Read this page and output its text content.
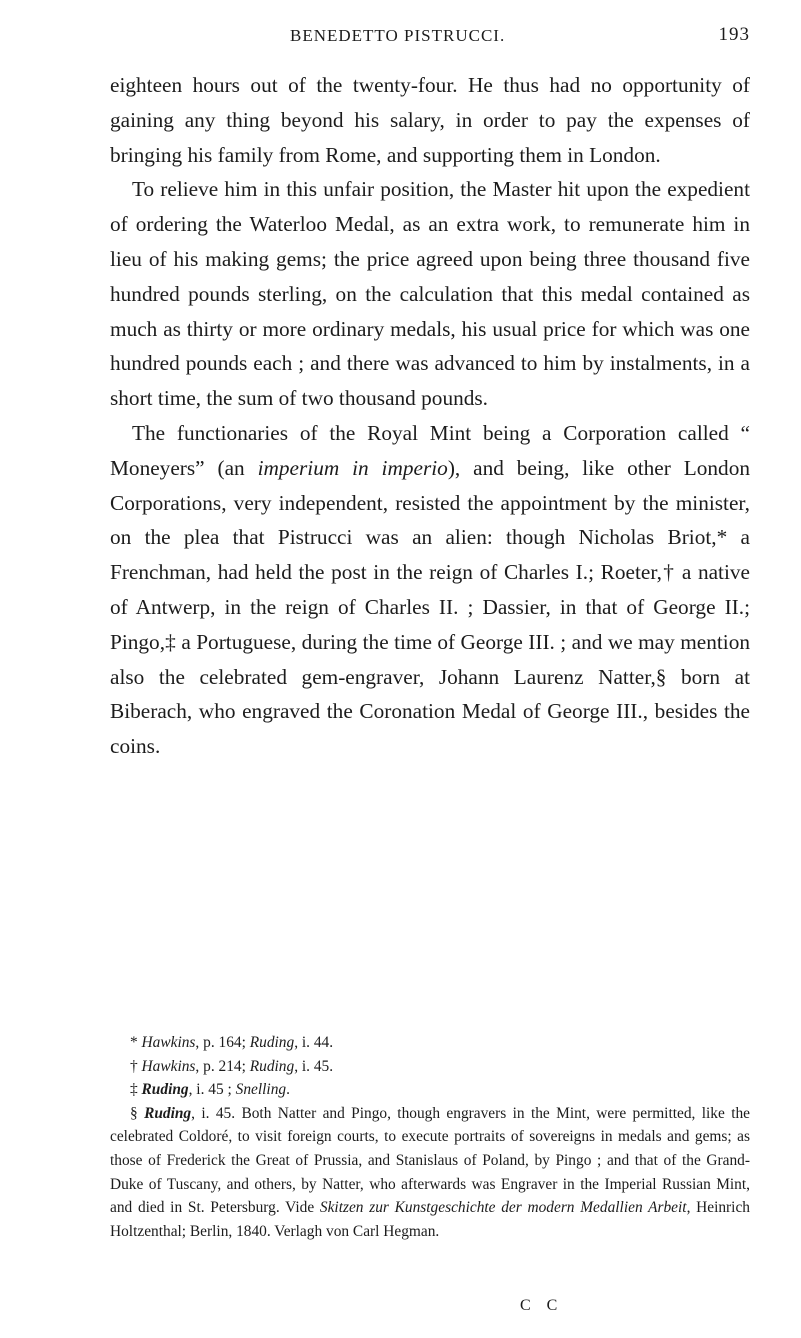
BENEDETTO PISTRUCCI.	193

eighteen hours out of the twenty-four. He thus had no opportunity of gaining any thing beyond his salary, in order to pay the expenses of bringing his family from Rome, and supporting them in London.

To relieve him in this unfair position, the Master hit upon the expedient of ordering the Waterloo Medal, as an extra work, to remunerate him in lieu of his making gems; the price agreed upon being three thousand five hundred pounds sterling, on the calculation that this medal contained as much as thirty or more ordinary medals, his usual price for which was one hundred pounds each ; and there was advanced to him by instalments, in a short time, the sum of two thousand pounds.

The functionaries of the Royal Mint being a Corporation called “ Moneyers” (an imperium in imperio), and being, like other London Corporations, very independent, resisted the appointment by the minister, on the plea that Pistrucci was an alien: though Nicholas Briot,* a Frenchman, had held the post in the reign of Charles I.; Roeter,† a native of Antwerp, in the reign of Charles II. ; Dassier, in that of George II.; Pingo,‡ a Portuguese, during the time of George III. ; and we may mention also the celebrated gem-engraver, Johann Laurenz Natter,§ born at Biberach, who engraved the Coronation Medal of George III., besides the coins.

* Hawkins, p. 164; Ruding, i. 44.

† Hawkins, p. 214; Ruding, i. 45.

‡ Ruding, i. 45 ; Snelling.

§ Ruding, i. 45. Both Natter and Pingo, though engravers in the Mint, were permitted, like the celebrated Coldoré, to visit foreign courts, to execute portraits of sovereigns in medals and gems; as those of Frederick the Great of Prussia, and Stanislaus of Poland, by Pingo ; and that of the Grand-Duke of Tuscany, and others, by Natter, who afterwards was Engraver in the Imperial Russian Mint, and died in St. Petersburg. Vide Skitzen zur Kunstgeschichte der modern Medallien Arbeit, Heinrich Holtzenthal; Berlin, 1840. Verlagh von Carl Hegman.

C C
